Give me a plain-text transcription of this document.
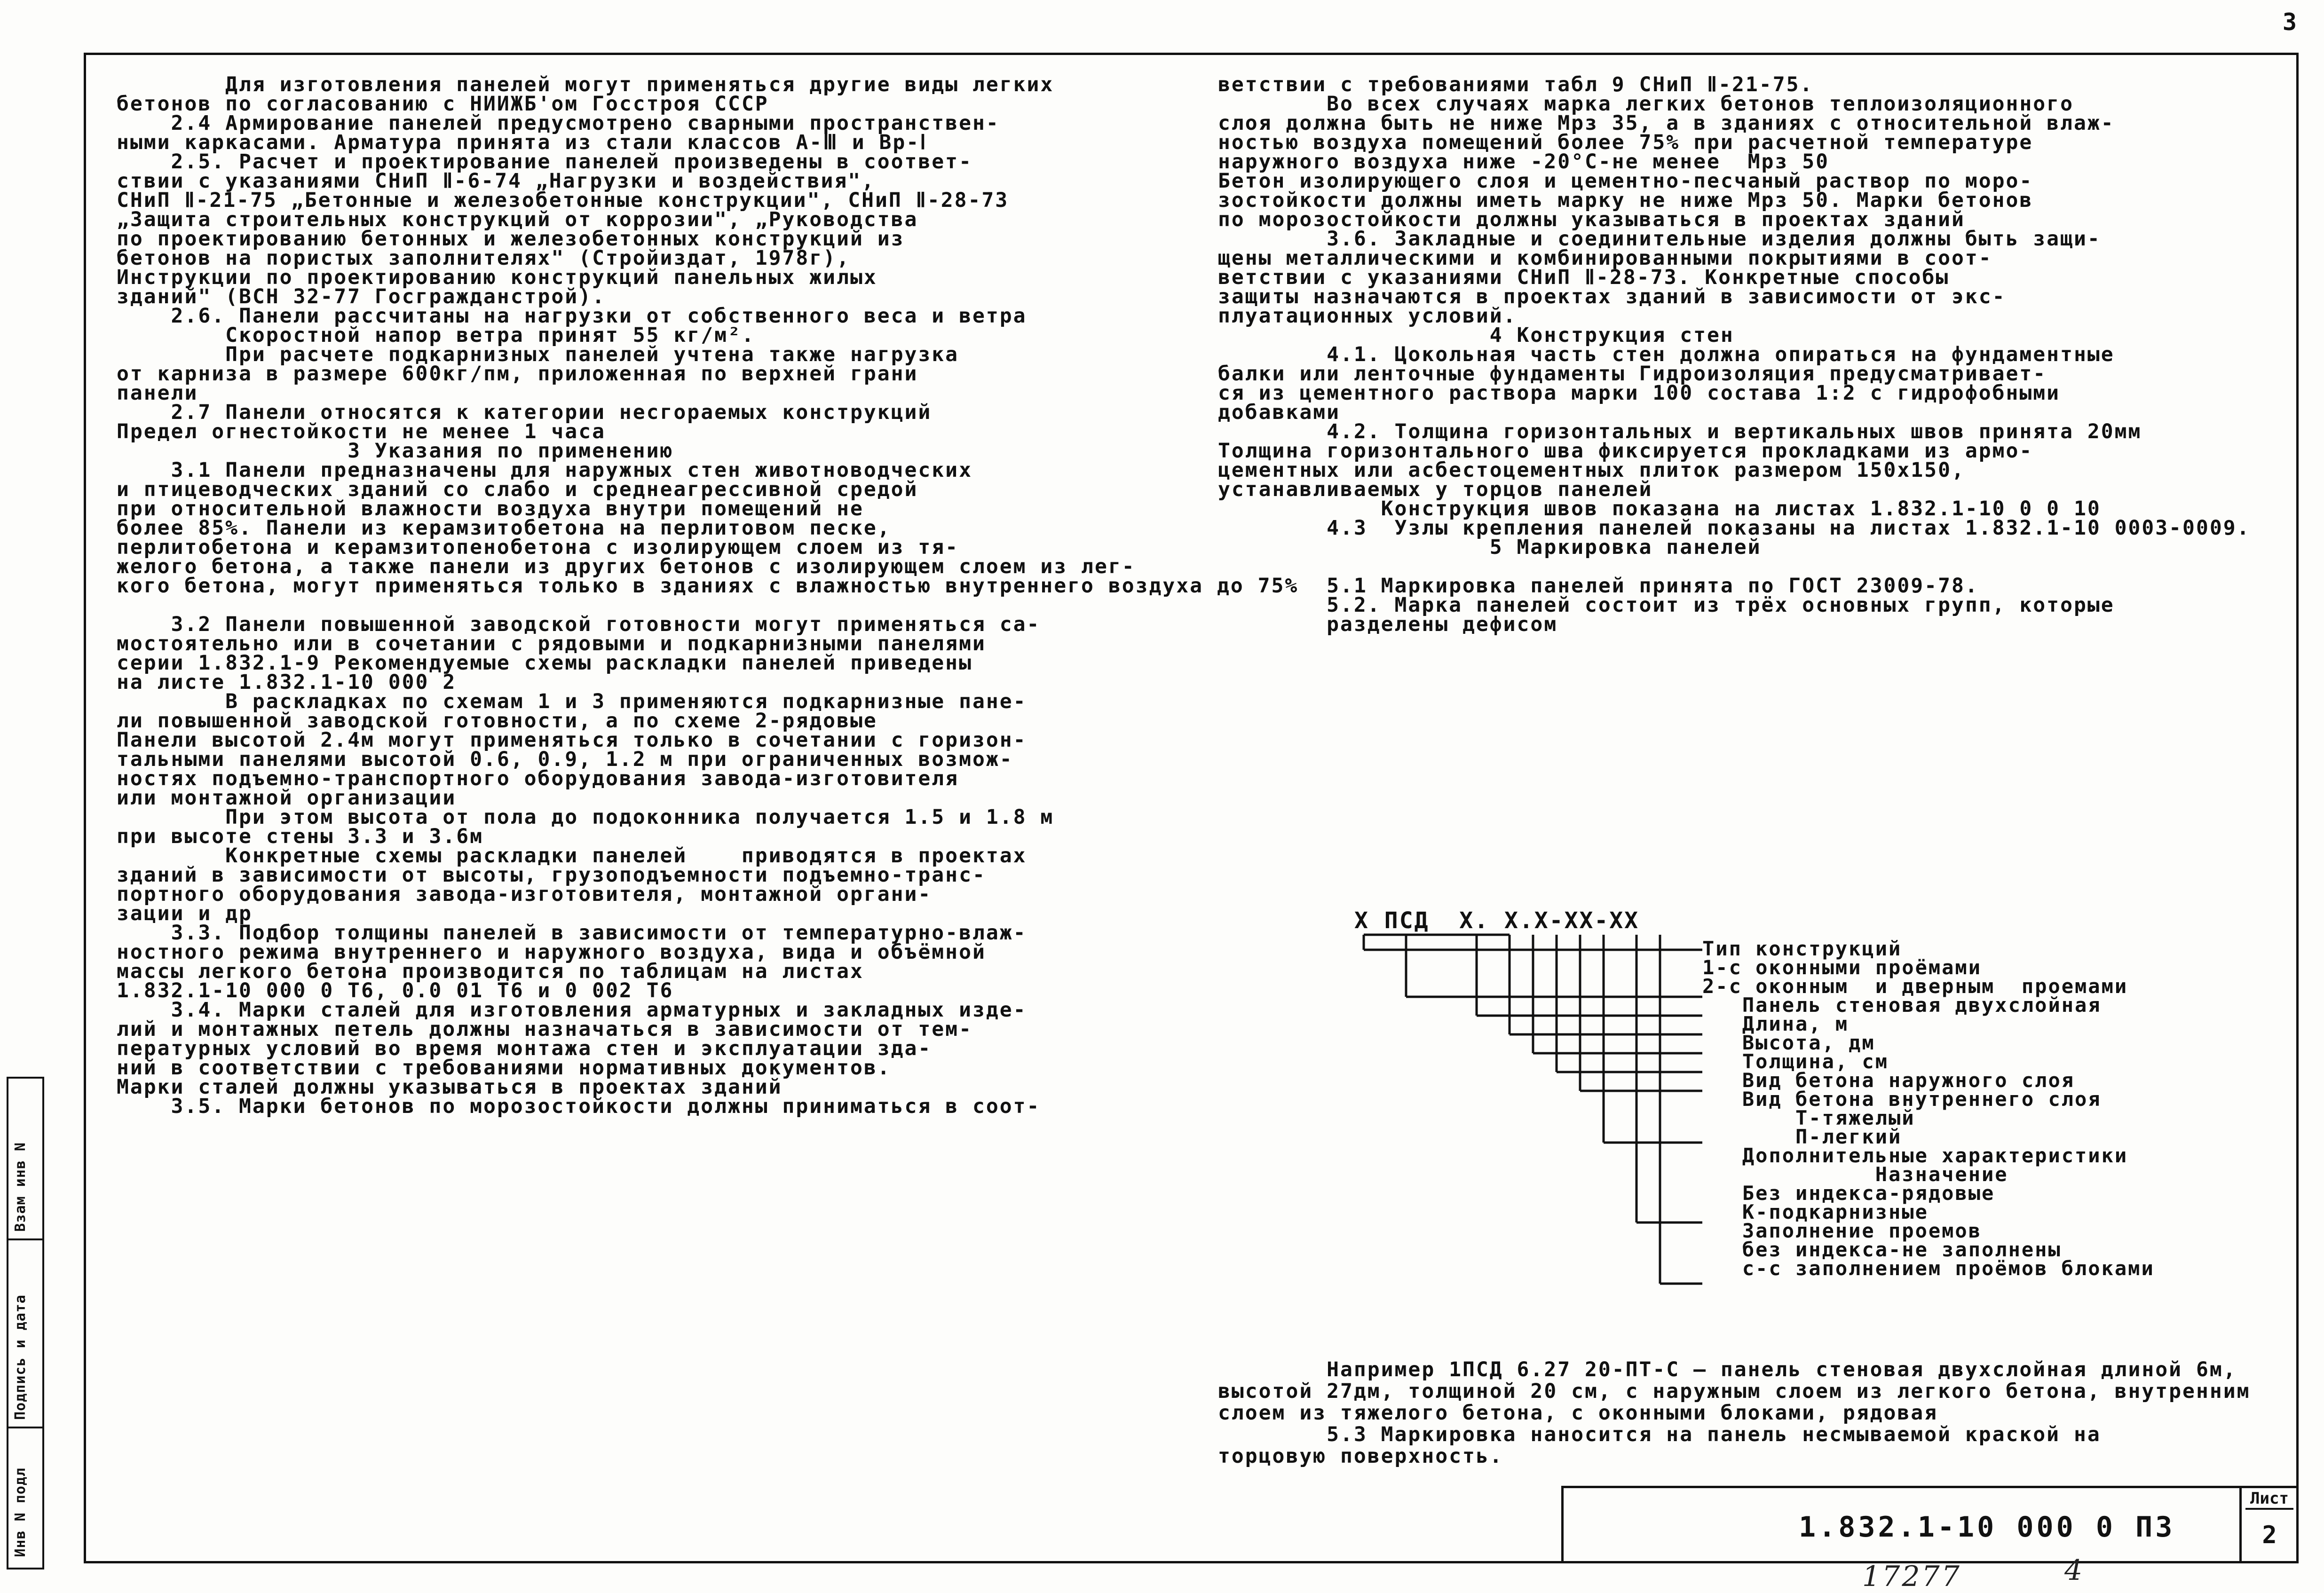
3
Взам инв N
Подпись и дата
Инв N подл

Для изготовления панелей могут применяться другие виды легких

бетонов по согласованию с НИИЖБ'ом Госстроя СССР

2.4 Армирование панелей предусмотрено сварными пространствен-

ными каркасами. Арматура принята из стали классов А-Ⅲ и Вр-Ⅰ

2.5. Расчет и проектирование панелей произведены в соответ-

ствии с указаниями СНиП Ⅱ-6-74 „Нагрузки и воздействия",

СНиП Ⅱ-21-75 „Бетонные и железобетонные конструкции", СНиП Ⅱ-28-73

„Защита строительных конструкций от коррозии", „Руководства

по проектированию бетонных и железобетонных конструкций из

бетонов на пористых заполнителях" (Стройиздат, 1978г),

Инструкции по проектированию конструкций панельных жилых

зданий" (ВСН 32-77 Госгражданстрой).

2.6. Панели рассчитаны на нагрузки от собственного веса и ветра

Скоростной напор ветра принят 55 кг/м².

При расчете подкарнизных панелей учтена также нагрузка

от карниза в размере 600кг/пм, приложенная по верхней грани

панели

2.7 Панели относятся к категории несгораемых конструкций

Предел огнестойкости не менее 1 часа

3 Указания по применению

3.1 Панели предназначены для наружных стен животноводческих

и птицеводческих зданий со слабо и среднеагрессивной средой

при относительной влажности воздуха внутри помещений не

более 85%. Панели из керамзитобетона на перлитовом песке,

перлитобетона и керамзитопенобетона с изолирующем слоем из тя-

желого бетона, а также панели из других бетонов с изолирующем слоем из лег-

кого бетона, могут применяться только в зданиях с влажностью внутреннего воздуха до 75%

3.2 Панели повышенной заводской готовности могут применяться са-

мостоятельно или в сочетании с рядовыми и подкарнизными панелями

серии 1.832.1-9 Рекомендуемые схемы раскладки панелей приведены

на листе 1.832.1-10 000 2

В раскладках по схемам 1 и 3 применяются подкарнизные пане-

ли повышенной заводской готовности, а по схеме 2-рядовые

Панели высотой 2.4м могут применяться только в сочетании с горизон-

тальными панелями высотой 0.6, 0.9, 1.2 м при ограниченных возмож-

ностях подъемно-транспортного оборудования завода-изготовителя

или монтажной организации

При этом высота от пола до подоконника получается 1.5 и 1.8 м

при высоте стены 3.3 и 3.6м

Конкретные схемы раскладки панелей    приводятся в проектах

зданий в зависимости от высоты, грузоподъемности подъемно-транс-

портного оборудования завода-изготовителя, монтажной органи-

зации и др

3.3. Подбор толщины панелей в зависимости от температурно-влаж-

ностного режима внутреннего и наружного воздуха, вида и объёмной

массы легкого бетона производится по таблицам на листах

1.832.1-10 000 0 Т6, 0.0 01 Т6 и 0 002 Т6

3.4. Марки сталей для изготовления арматурных и закладных изде-

лий и монтажных петель должны назначаться в зависимости от тем-

пературных условий во время монтажа стен и эксплуатации зда-

ний в соответствии с требованиями нормативных документов.

Марки сталей должны указываться в проектах зданий

3.5. Марки бетонов по морозостойкости должны приниматься в соот-

ветствии с требованиями табл 9 СНиП Ⅱ-21-75.

Во всех случаях марка легких бетонов теплоизоляционного

слоя должна быть не ниже Мрз 35, а в зданиях с относительной влаж-

ностью воздуха помещений более 75% при расчетной температуре

наружного воздуха ниже -20°С-не менее  Мрз 50

Бетон изолирующего слоя и цементно-песчаный раствор по моро-

зостойкости должны иметь марку не ниже Мрз 50. Марки бетонов

по морозостойкости должны указываться в проектах зданий

3.6. Закладные и соединительные изделия должны быть защи-

щены металлическими и комбинированными покрытиями в соот-

ветствии с указаниями СНиП Ⅱ-28-73. Конкретные способы

защиты назначаются в проектах зданий в зависимости от экс-

плуатационных условий.

4 Конструкция стен

4.1. Цокольная часть стен должна опираться на фундаментные

балки или ленточные фундаменты Гидроизоляция предусматривает-

ся из цементного раствора марки 100 состава 1:2 с гидрофобными

добавками

4.2. Толщина горизонтальных и вертикальных швов принята 20мм

Толщина горизонтального шва фиксируется прокладками из армо-

цементных или асбестоцементных плиток размером 150х150,

устанавливаемых у торцов панелей

Конструкция швов показана на листах 1.832.1-10 0 0 10

4.3  Узлы крепления панелей показаны на листах 1.832.1-10 0003-0009.

5 Маркировка панелей

5.1 Маркировка панелей принята по ГОСТ 23009-78.

5.2. Марка панелей состоит из трёх основных групп, которые

разделены дефисом

Х ПСД  Х. Х.Х-ХХ-ХХ

Тип конструкций

1-с оконными проёмами

2-с оконным  и дверным  проемами

Панель стеновая двухслойная

Длина, м

Высота, дм

Толщина, см

Вид бетона наружного слоя

Вид бетона внутреннего слоя

Т-тяжелый

П-легкий

Дополнительные характеристики

Назначение

Без индекса-рядовые

К-подкарнизные

Заполнение проемов

без индекса-не заполнены

с-с заполнением проёмов блоками

Например 1ПСД 6.27 20-ПТ-С — панель стеновая двухслойная длиной 6м,

высотой 27дм, толщиной 20 см, с наружным слоем из легкого бетона, внутренним

слоем из тяжелого бетона, с оконными блоками, рядовая

5.3 Маркировка наносится на панель несмываемой краской на

торцовую поверхность.

1.832.1-10 000 0 ПЗ
Лист
2
17277	4
